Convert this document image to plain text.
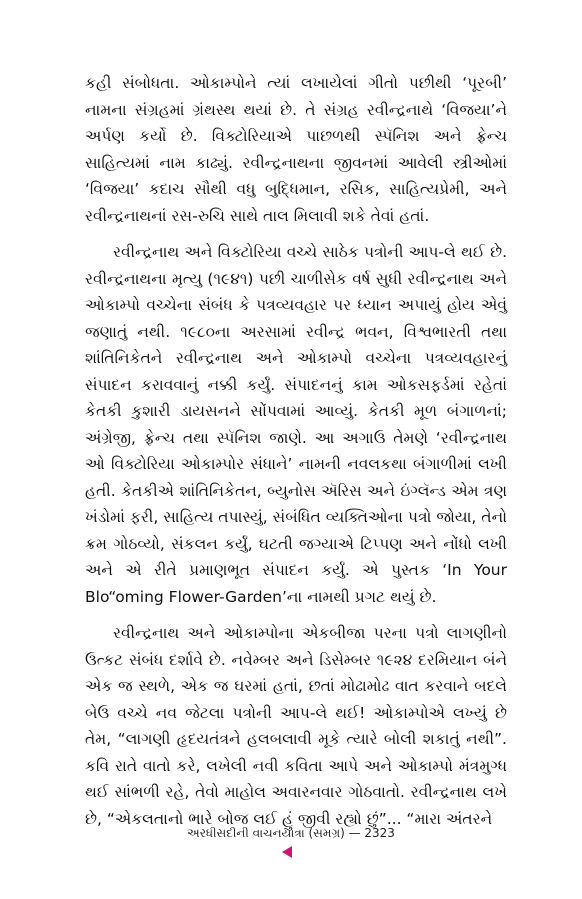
કહી સંબોધતા. ઓકામ્પોને ત્યાં લખાયેલાં ગીતો પછીથી ‘પૂરબી’ નામના સંગ્રહમાં ગ્રંથસ્થ થયાં છે. તે સંગ્રહ રવીન્દ્રનાથે ‘વિજયા’ને અર્પણ કર્યો છે. વિક્ટોરિયાએ પાછળથી સ્પૅનિશ અને ફ્રેન્ચ સાહિત્યમાં નામ કાઢ્યું. રવીન્દ્રનાથના જીવનમાં આવેલી સ્ત્રીઓમાં ‘વિજયા’ કદાચ સૌથી વધુ બુદ્ધિમાન, રસિક, સાહિત્યપ્રેમી, અને રવીન્દ્રનાથનાં રસ-રુચિ સાથે તાલ મિલાવી શકે તેવાં હતાં.

રવીન્દ્રનાથ અને વિક્ટોરિયા વચ્ચે સાઠેક પત્રોની આપ-લે થઈ છે. રવીન્દ્રનાથના મૃત્યુ (૧૯૪૧) પછી ચાળીસેક વર્ષ સુધી રવીન્દ્રનાથ અને ઓકામ્પો વચ્ચેના સંબંધ કે પત્રવ્યવહાર પર ધ્યાન અપાયું હોય એવું જણાતું નથી. ૧૯૮૦ના અરસામાં રવીન્દ્ર ભવન, વિશ્વભારતી તથા શાંતિનિકેતને રવીન્દ્રનાથ અને ઓકામ્પો વચ્ચેના પત્રવ્યવહારનું સંપાદન કરાવવાનું નક્કી કર્યું. સંપાદનનું કામ ઓકસફર્ડમાં રહેતાં કેતકી કુશારી ડાયસનને સોંપવામાં આવ્યું. કેતકી મૂળ બંગાળનાં; અંગ્રેજી, ફ્રેન્ચ તથા સ્પૅનિશ જાણે. આ અગાઉ તેમણે ‘રવીન્દ્રનાથ ઓ વિક્ટોરિયા ઓકામ્પોર સંધાને’ નામની નવલકથા બંગાળીમાં લખી હતી. કેતકીએ શાંતિનિકેતન, બ્યુનોસ ઍરિસ અને ઇંગ્લૅન્ડ એમ ત્રણ ખંડોમાં ફરી, સાહિત્ય તપાસ્યું, સંબંધિત વ્યક્તિઓના પત્રો જોયા, તેનો ક્રમ ગોઠવ્યો, સંકલન કર્યું, ઘટતી જગ્યાએ ટિપ્પણ અને નોંધો લખી અને એ રીતે પ્રમાણભૂત સંપાદન કર્યું. એ પુસ્તક ‘In Your Blo“oming Flower-Garden’ના નામથી પ્રગટ થયું છે.

રવીન્દ્રનાથ અને ઓકામ્પોના એકબીજા પરના પત્રો લાગણીનો ઉત્કટ સંબંધ દર્શાવે છે. નવેમ્બર અને ડિસેમ્બર ૧૯૨૪ દરમિયાન બંને એક જ સ્થળે, એક જ ઘરમાં હતાં, છતાં મોઢામોઢ વાત કરવાને બદલે બેઉ વચ્ચે નવ જેટલા પત્રોની આપ-લે થઈ! ઓકામ્પોએ લખ્યું છે તેમ, “લાગણી હૃદયતંત્રને હલબલાવી મૂકે ત્યારે બોલી શકાતું નથી”. કવિ રાતે વાતો કરે, લખેલી નવી કવિતા આપે અને ઓકામ્પો મંત્રમુગ્ધ થઈ સાંભળી રહે, તેવો માહોલ અવારનવાર ગોઠવાતો. રવીન્દ્રનાથ લખે છે, “એકલતાનો ભારે બોજ લઈ હું જીવી રહ્યો છું”... “મારા અંતરને

અરધીસદીની વાચનયાત્રા (સમગ્ર) — 2323
